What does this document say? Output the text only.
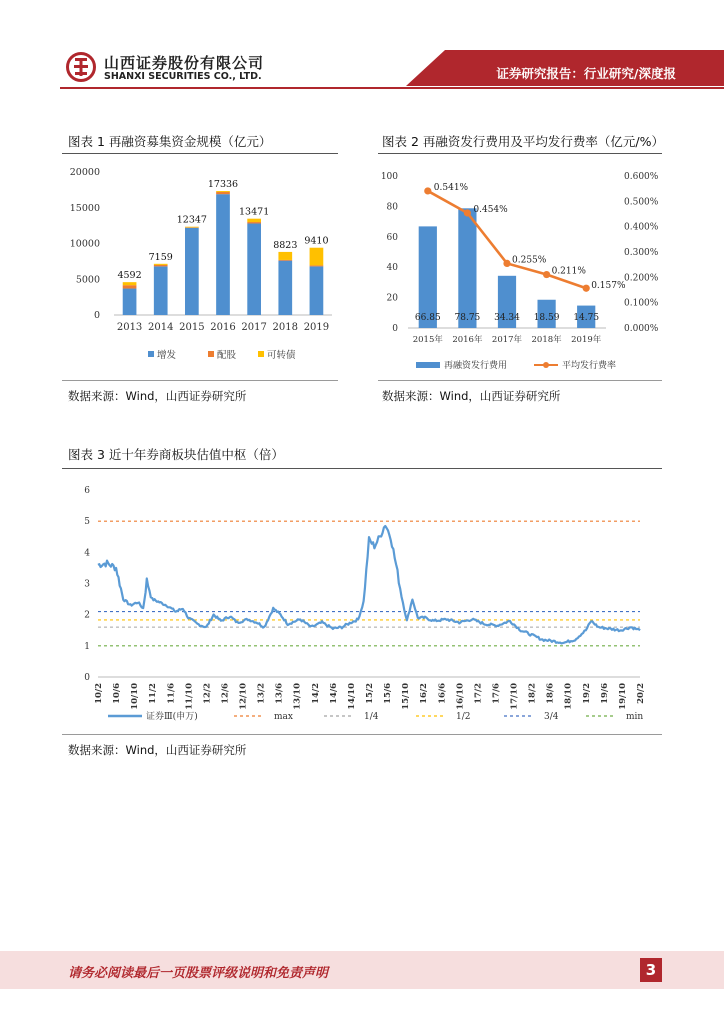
山西证券股份有限公司
SHANXI SECURITIES CO., LTD.	证券研究报告：行业研究/深度报
图表 1 再融资募集资金规模（亿元）
0
5000
10000
15000
20000
4592
2013
7159
2014
12347
2015
17336
2016
13471
2017
8823
2018
9410
2019
增发	配股	可转债
数据来源：Wind，山西证券研究所
图表 2 再融资发行费用及平均发行费率（亿元/%）
0
20
40
60
80
100
0.000%
0.100%
0.200%
0.300%
0.400%
0.500%
0.600%
66.85
2015年
78.75
2016年
34.34
2017年
18.59
2018年
14.75
2019年
0.541%
0.454%
0.255%
0.211%
0.157%
再融资发行费用	平均发行费率
数据来源：Wind，山西证券研究所
图表 3 近十年券商板块估值中枢（倍）
0
1
2
3
4
5
6
10/2 10/6 10/10 11/2 11/6 11/10 12/2 12/6 12/10 13/2 13/6 13/10 14/2 14/6 14/10 15/2 15/6 15/10 16/2 16/6 16/10 17/2 17/6 17/10 18/2 18/6 18/10 19/2 19/6 19/10 20/2
证券Ⅲ(申万)	max	1/4	1/2	3/4	min
数据来源：Wind，山西证券研究所
请务必阅读最后一页股票评级说明和免责声明	3
